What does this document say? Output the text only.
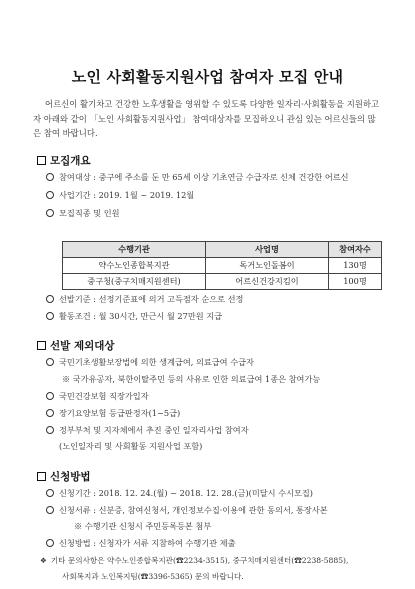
노인 사회활동지원사업 참여자 모집 안내

어르신이 활기차고 건강한 노후생활을 영위할 수 있도록 다양한 일자리·사회활동을 지원하고자 아래와 같이 「노인 사회활동지원사업」 참여대상자를 모집하오니 관심 있는 어르신들의 많은 참여 바랍니다.

모집개요
참여대상 : 중구에 주소를 둔 만 65세 이상 기초연금 수급자로 신체 건강한 어르신
사업기간 : 2019. 1월 ~ 2019. 12월
모집직종 및 인원
수행기관	사업명	참여자수
약수노인종합복지관	독거노인돌봄이	130명
중구청(중구치매지원센터)	어르신건강지킴이	100명
선발기준 : 선정기준표에 의거 고득점자 순으로 선정
활동조건 : 월 30시간, 만근시 월 27만원 지급
선발 제외대상
국민기초생활보장법에 의한 생계급여, 의료급여 수급자
※ 국가유공자, 북한이탈주민 등의 사유로 인한 의료급여 1종은 참여가능
국민건강보험 직장가입자
장기요양보험 등급판정자(1~5급)
정부부처 및 지자체에서 추진 중인 일자리사업 참여자
(노인일자리 및 사회활동 지원사업 포함)
신청방법
신청기간 : 2018. 12. 24.(월) ~ 2018. 12. 28.(금)(미달시 수시모집)
신청서류 : 신분증, 참여신청서, 개인정보수집·이용에 관한 동의서, 통장사본
※ 수행기관 신청시 주민등록등본 첨부
신청방법 : 신청자가 서류 지참하여 수행기관 제출
❖ 기타 문의사항은 약수노인종합복지관(☎2234-3515), 중구치매지원센터(☎2238-5885),
사회복지과 노인복지팀(☎3396-5365) 문의 바랍니다.
